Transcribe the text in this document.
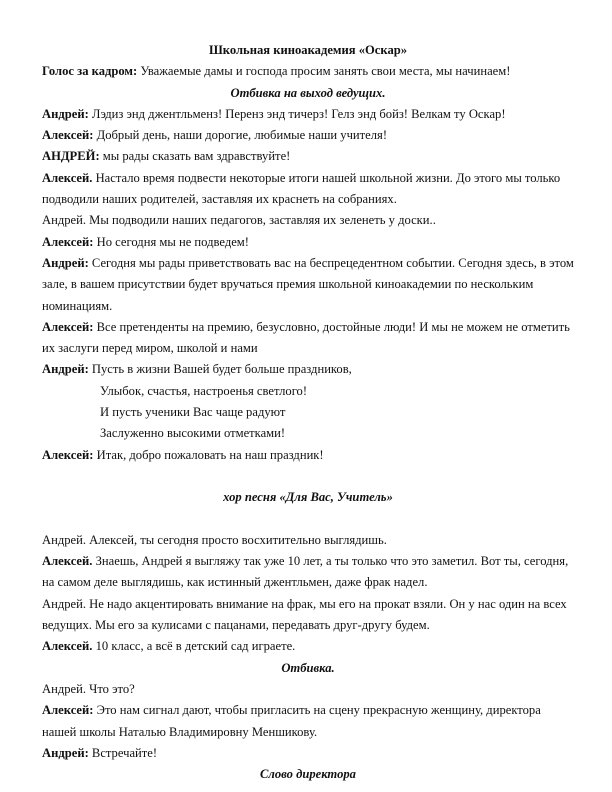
Школьная киноакадемия «Оскар»

Голос за кадром: Уважаемые дамы и господа просим занять свои места, мы начинаем!

Отбивка на выход ведущих.

Андрей: Лэдиз энд джентльменз! Перенз энд тичерз! Гелз энд бойз! Велкам ту Оскар!

Алексей: Добрый день, наши дорогие, любимые наши учителя!

АНДРЕЙ: мы рады сказать вам здравствуйте!

Алексей. Настало время подвести некоторые итоги нашей школьной жизни. До этого мы только подводили наших родителей, заставляя их краснеть на собраниях.

Андрей. Мы подводили наших педагогов, заставляя их зеленеть у доски..

Алексей: Но сегодня мы не подведем!

Андрей: Сегодня мы рады приветствовать вас на беспрецедентном событии. Сегодня здесь, в этом зале, в вашем присутствии будет вручаться премия школьной киноакадемии по нескольким номинациям.

Алексей: Все претенденты на премию, безусловно, достойные люди! И мы не можем не отметить их заслуги перед миром, школой и нами

Андрей: Пусть в жизни Вашей будет больше праздников,

Улыбок, счастья, настроенья светлого!

И пусть ученики Вас чаще радуют

Заслуженно высокими отметками!

Алексей: Итак, добро пожаловать на наш праздник!

хор песня «Для Вас, Учитель»

Андрей. Алексей, ты сегодня просто восхитительно выглядишь.

Алексей. Знаешь, Андрей я выгляжу так уже 10 лет, а ты только что это заметил. Вот ты, сегодня, на самом деле выглядишь, как истинный джентльмен, даже фрак надел.

Андрей. Не надо акцентировать внимание на фрак, мы его на прокат взяли. Он у нас один на всех ведущих. Мы его за кулисами с пацанами, передавать друг-другу будем.

Алексей. 10 класс, а всё в детский сад играете.

Отбивка.

Андрей. Что это?

Алексей: Это нам сигнал дают, чтобы пригласить на сцену прекрасную женщину, директора нашей школы Наталью Владимировну Меншикову.

Андрей: Встречайте!

Слово директора
